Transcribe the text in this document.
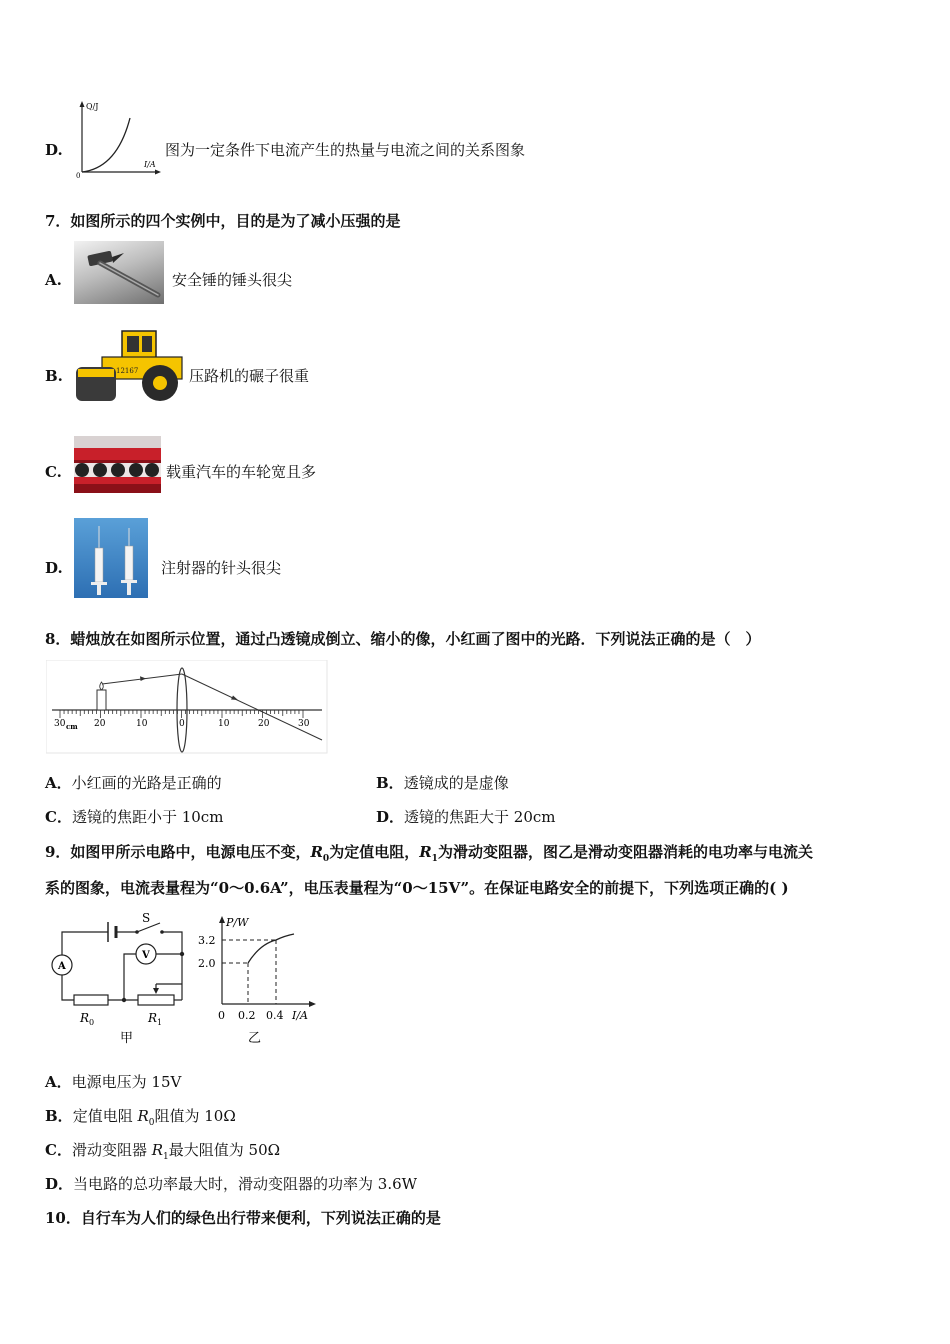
D.
Q/J
I/A
0
图为一定条件下电流产生的热量与电流之间的关系图象
7．如图所示的四个实例中，目的是为了减小压强的是
A.	安全锤的锤头很尖
B.	12167	压路机的碾子很重
C.	载重汽车的车轮宽且多
D.	注射器的针头很尖
8．蜡烛放在如图所示位置，通过凸透镜成倒立、缩小的像，小红画了图中的光路．下列说法正确的是（　）
30 cm 20	10	0	10	20	30
A．小红画的光路是正确的	B．透镜成的是虚像
C．透镜的焦距小于 10cm	D．透镜的焦距大于 20cm
9．如图甲所示电路中，电源电压不变，$R_0$为定值电阻，$R_1$为滑动变阻器，图乙是滑动变阻器消耗的电功率与电流关
系的图象，电流表量程为“0～0.6A”，电压表量程为“0～15V”。在保证电路安全的前提下，下列选项正确的( )
S
A
R 0
V
R 1
甲
P/W
3.2
2.0
0 0.2 0.4 I/A
乙
A．电源电压为 15V
B．定值电阻 $R_0$阻值为 10Ω
C．滑动变阻器 $R_1$最大阻值为 50Ω
D．当电路的总功率最大时，滑动变阻器的功率为 3.6W
10．自行车为人们的绿色出行带来便利，下列说法正确的是
